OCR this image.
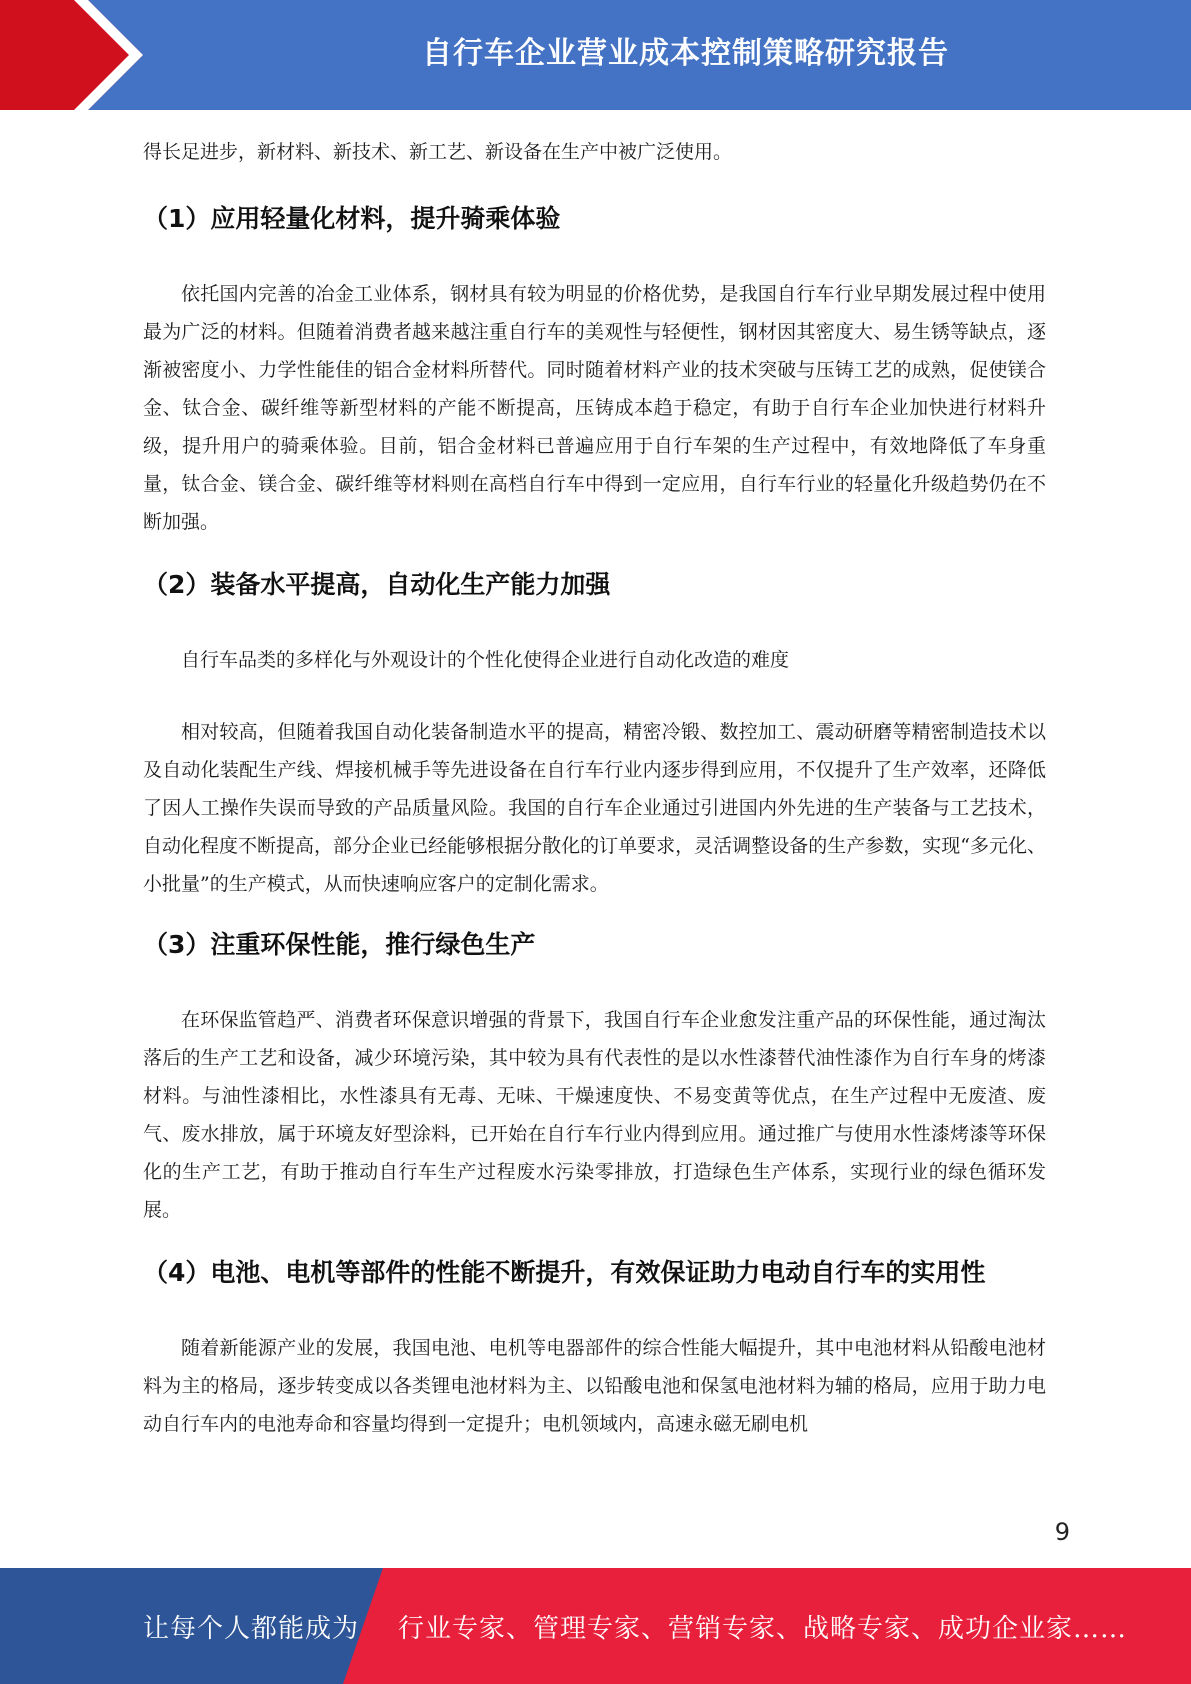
自行车企业营业成本控制策略研究报告

得长足进步，新材料、新技术、新工艺、新设备在生产中被广泛使用。

（1）应用轻量化材料，提升骑乘体验

依托国内完善的冶金工业体系，钢材具有较为明显的价格优势，是我国自行车行业早期发展过程中使用最为广泛的材料。但随着消费者越来越注重自行车的美观性与轻便性，钢材因其密度大、易生锈等缺点，逐渐被密度小、力学性能佳的铝合金材料所替代。同时随着材料产业的技术突破与压铸工艺的成熟，促使镁合金、钛合金、碳纤维等新型材料的产能不断提高，压铸成本趋于稳定，有助于自行车企业加快进行材料升级，提升用户的骑乘体验。目前，铝合金材料已普遍应用于自行车架的生产过程中，有效地降低了车身重量，钛合金、镁合金、碳纤维等材料则在高档自行车中得到一定应用，自行车行业的轻量化升级趋势仍在不断加强。

（2）装备水平提高，自动化生产能力加强

自行车品类的多样化与外观设计的个性化使得企业进行自动化改造的难度

相对较高，但随着我国自动化装备制造水平的提高，精密冷锻、数控加工、震动研磨等精密制造技术以及自动化装配生产线、焊接机械手等先进设备在自行车行业内逐步得到应用，不仅提升了生产效率，还降低了因人工操作失误而导致的产品质量风险。我国的自行车企业通过引进国内外先进的生产装备与工艺技术，自动化程度不断提高，部分企业已经能够根据分散化的订单要求，灵活调整设备的生产参数，实现“多元化、小批量”的生产模式，从而快速响应客户的定制化需求。

（3）注重环保性能，推行绿色生产

在环保监管趋严、消费者环保意识增强的背景下，我国自行车企业愈发注重产品的环保性能，通过淘汰落后的生产工艺和设备，减少环境污染，其中较为具有代表性的是以水性漆替代油性漆作为自行车身的烤漆材料。与油性漆相比，水性漆具有无毒、无味、干燥速度快、不易变黄等优点，在生产过程中无废渣、废气、废水排放，属于环境友好型涂料，已开始在自行车行业内得到应用。通过推广与使用水性漆烤漆等环保化的生产工艺，有助于推动自行车生产过程废水污染零排放，打造绿色生产体系，实现行业的绿色循环发展。

（4）电池、电机等部件的性能不断提升，有效保证助力电动自行车的实用性

随着新能源产业的发展，我国电池、电机等电器部件的综合性能大幅提升，其中电池材料从铅酸电池材料为主的格局，逐步转变成以各类锂电池材料为主、以铅酸电池和保氢电池材料为辅的格局，应用于助力电动自行车内的电池寿命和容量均得到一定提升；电机领域内，高速永磁无刷电机

9
让每个人都能成为 行业专家、管理专家、营销专家、战略专家、成功企业家……
